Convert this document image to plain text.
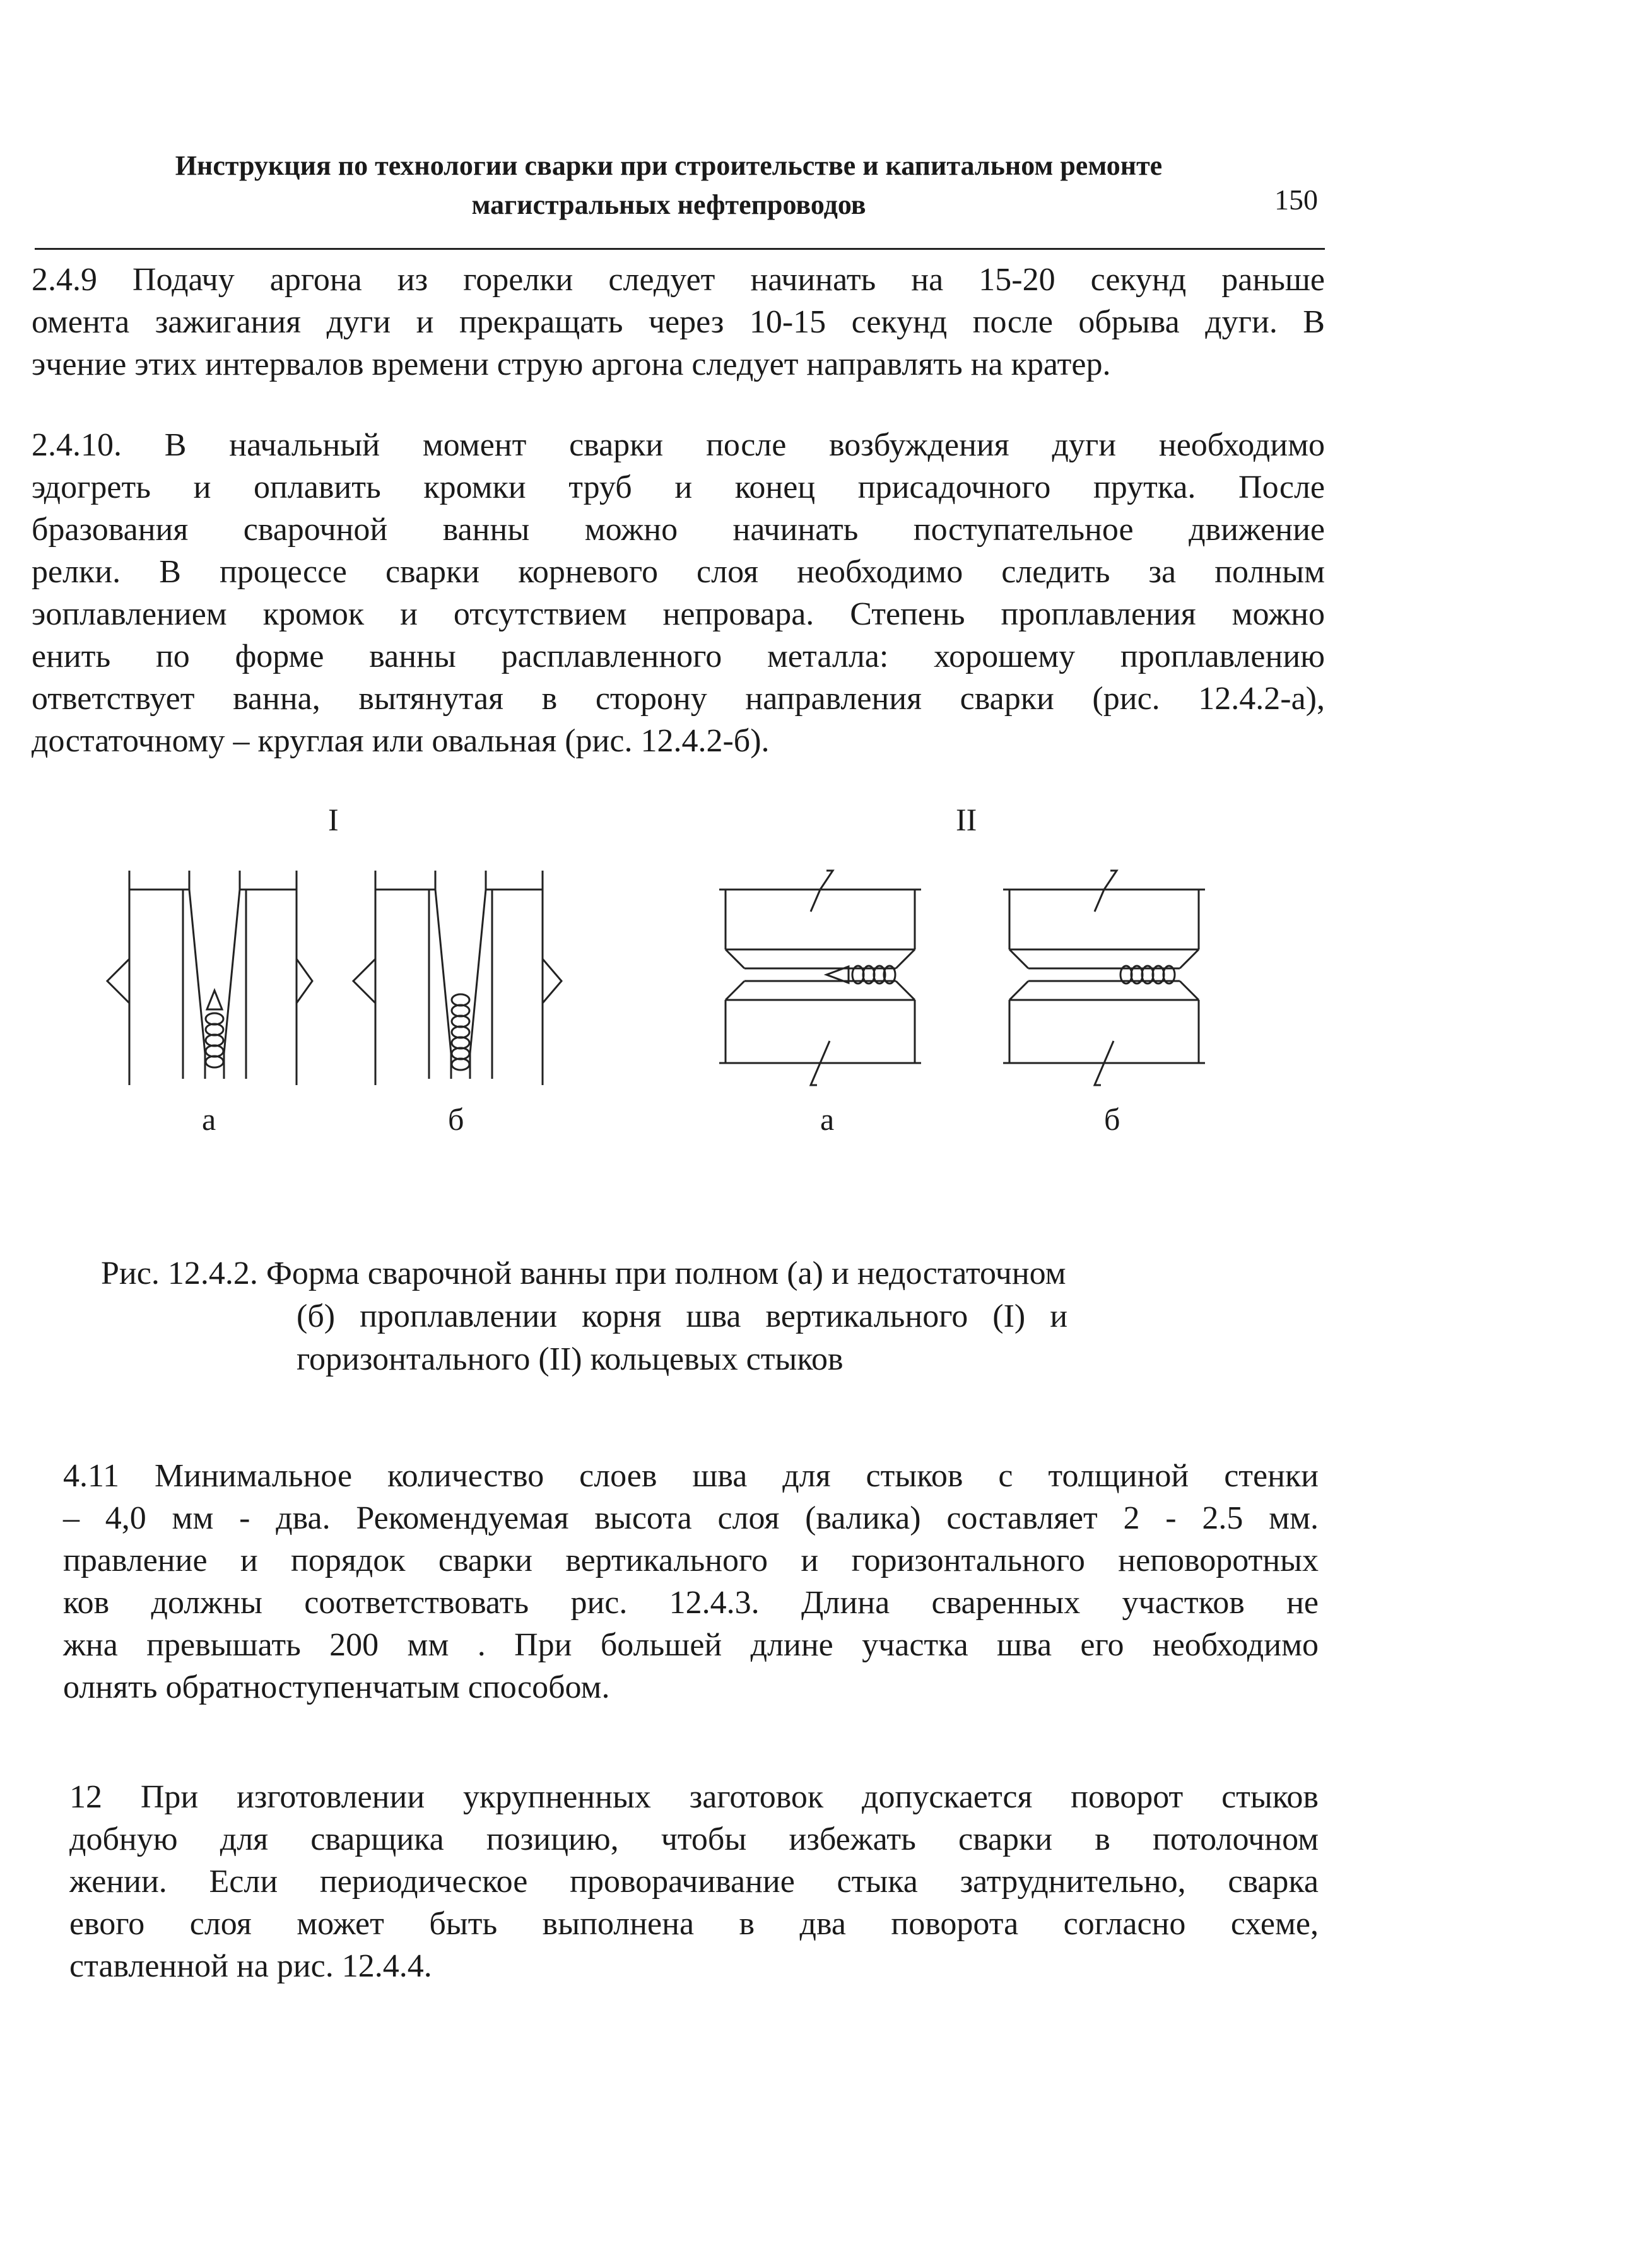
Инструкция по технологии сварки при строительстве и капитальном ремонте
магистральных нефтепроводов	150
2.4.9 Подачу аргона из горелки следует начинать на 15-20 секунд раньше
омента зажигания дуги и прекращать через 10-15 секунд после обрыва дуги. В
эчение этих интервалов времени струю аргона следует направлять на кратер.
2.4.10. В начальный момент сварки после возбуждения дуги необходимо
эдогреть и оплавить кромки труб и конец присадочного прутка. После
бразования сварочной ванны можно начинать поступательное движение
релки. В процессе сварки корневого слоя необходимо следить за полным
эоплавлением кромок и отсутствием непровара. Степень проплавления можно
енить по форме ванны расплавленного металла: хорошему проплавлению
ответствует ванна, вытянутая в сторону направления сварки (рис. 12.4.2-а),
достаточному – круглая или овальная (рис. 12.4.2-б).
I	II
а	б	а	б
Рис. 12.4.2. Форма сварочной ванны при полном (а) и недостаточном
(б) проплавлении корня шва вертикального (I) и
горизонтального (II) кольцевых стыков
4.11 Минимальное количество слоев шва для стыков с толщиной стенки
– 4,0 мм - два. Рекомендуемая высота слоя (валика) составляет 2 - 2.5 мм.
правление и порядок сварки вертикального и горизонтального неповоротных
ков должны соответствовать рис. 12.4.3. Длина сваренных участков не
жна превышать 200 мм . При большей длине участка шва его необходимо
олнять обратноступенчатым способом.
12 При изготовлении укрупненных заготовок допускается поворот стыков
добную для сварщика позицию, чтобы избежать сварки в потолочном
жении. Если периодическое проворачивание стыка затруднительно, сварка
евого слоя может быть выполнена в два поворота согласно схеме,
ставленной на рис. 12.4.4.
